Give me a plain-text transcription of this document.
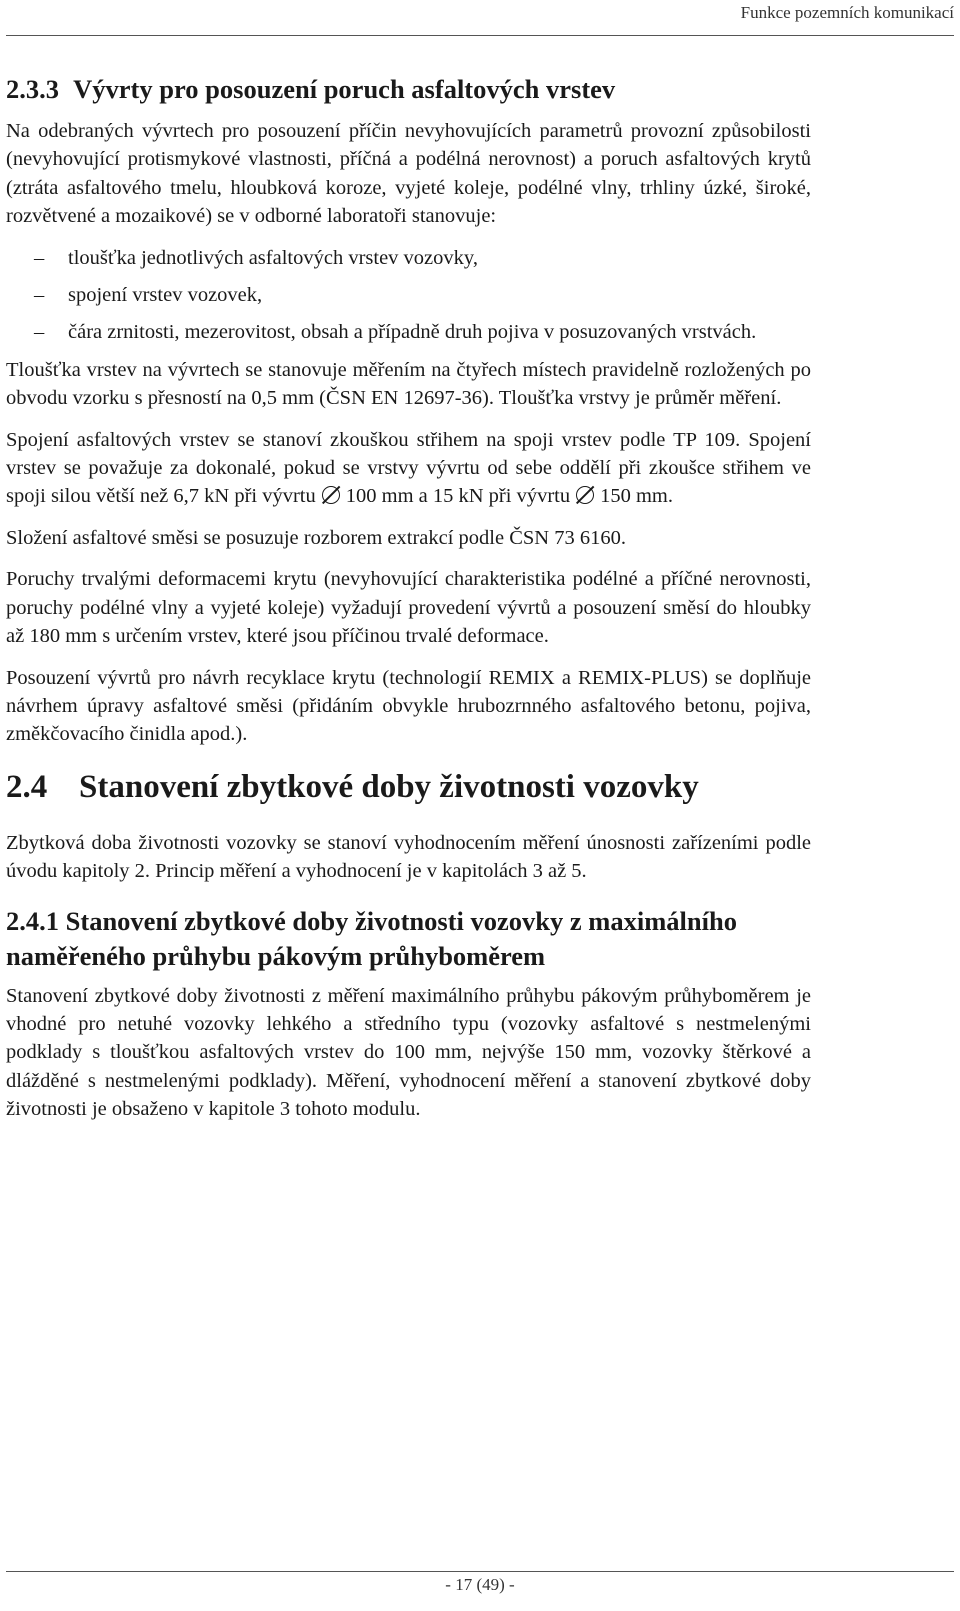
Funkce pozemních komunikací
2.3.3 Vývrty pro posouzení poruch asfaltových vrstev

Na odebraných vývrtech pro posouzení příčin nevyhovujících parametrů provozní způsobilosti (nevyhovující protismykové vlastnosti, příčná a podélná nerovnost) a poruch asfaltových krytů (ztráta asfaltového tmelu, hloubková koroze, vyjeté koleje, podélné vlny, trhliny úzké, široké, rozvětvené a mozaikové) se v odborné laboratoři stanovuje:

– tloušťka jednotlivých asfaltových vrstev vozovky,
– spojení vrstev vozovek,
– čára zrnitosti, mezerovitost, obsah a případně druh pojiva v posuzovaných vrstvách.

Tloušťka vrstev na vývrtech se stanovuje měřením na čtyřech místech pravidelně rozložených po obvodu vzorku s přesností na 0,5 mm (ČSN EN 12697-36). Tloušťka vrstvy je průměr měření.

Spojení asfaltových vrstev se stanoví zkouškou střihem na spoji vrstev podle TP 109. Spojení vrstev se považuje za dokonalé, pokud se vrstvy vývrtu od sebe oddělí při zkoušce střihem ve spoji silou větší než 6,7 kN při vývrtu 100 mm a 15 kN při vývrtu 150 mm.

Složení asfaltové směsi se posuzuje rozborem extrakcí podle ČSN 73 6160.

Poruchy trvalými deformacemi krytu (nevyhovující charakteristika podélné a příčné nerovnosti, poruchy podélné vlny a vyjeté koleje) vyžadují provedení vývrtů a posouzení směsí do hloubky až 180 mm s určením vrstev, které jsou příčinou trvalé deformace.

Posouzení vývrtů pro návrh recyklace krytu (technologií REMIX a REMIX-PLUS) se doplňuje návrhem úpravy asfaltové směsi (přidáním obvykle hrubozrnného asfaltového betonu, pojiva, změkčovacího činidla apod.).

2.4 Stanovení zbytkové doby životnosti vozovky

Zbytková doba životnosti vozovky se stanoví vyhodnocením měření únosnosti zařízeními podle úvodu kapitoly 2. Princip měření a vyhodnocení je v kapitolách 3 až 5.

2.4.1 Stanovení zbytkové doby životnosti vozovky z maximálního naměřeného průhybu pákovým průhyboměrem

Stanovení zbytkové doby životnosti z měření maximálního průhybu pákovým průhyboměrem je vhodné pro netuhé vozovky lehkého a středního typu (vozovky asfaltové s nestmelenými podklady s tloušťkou asfaltových vrstev do 100 mm, nejvýše 150 mm, vozovky štěrkové a dlážděné s nestmelenými podklady). Měření, vyhodnocení měření a stanovení zbytkové doby životnosti je obsaženo v kapitole 3 tohoto modulu.

- 17 (49) -
